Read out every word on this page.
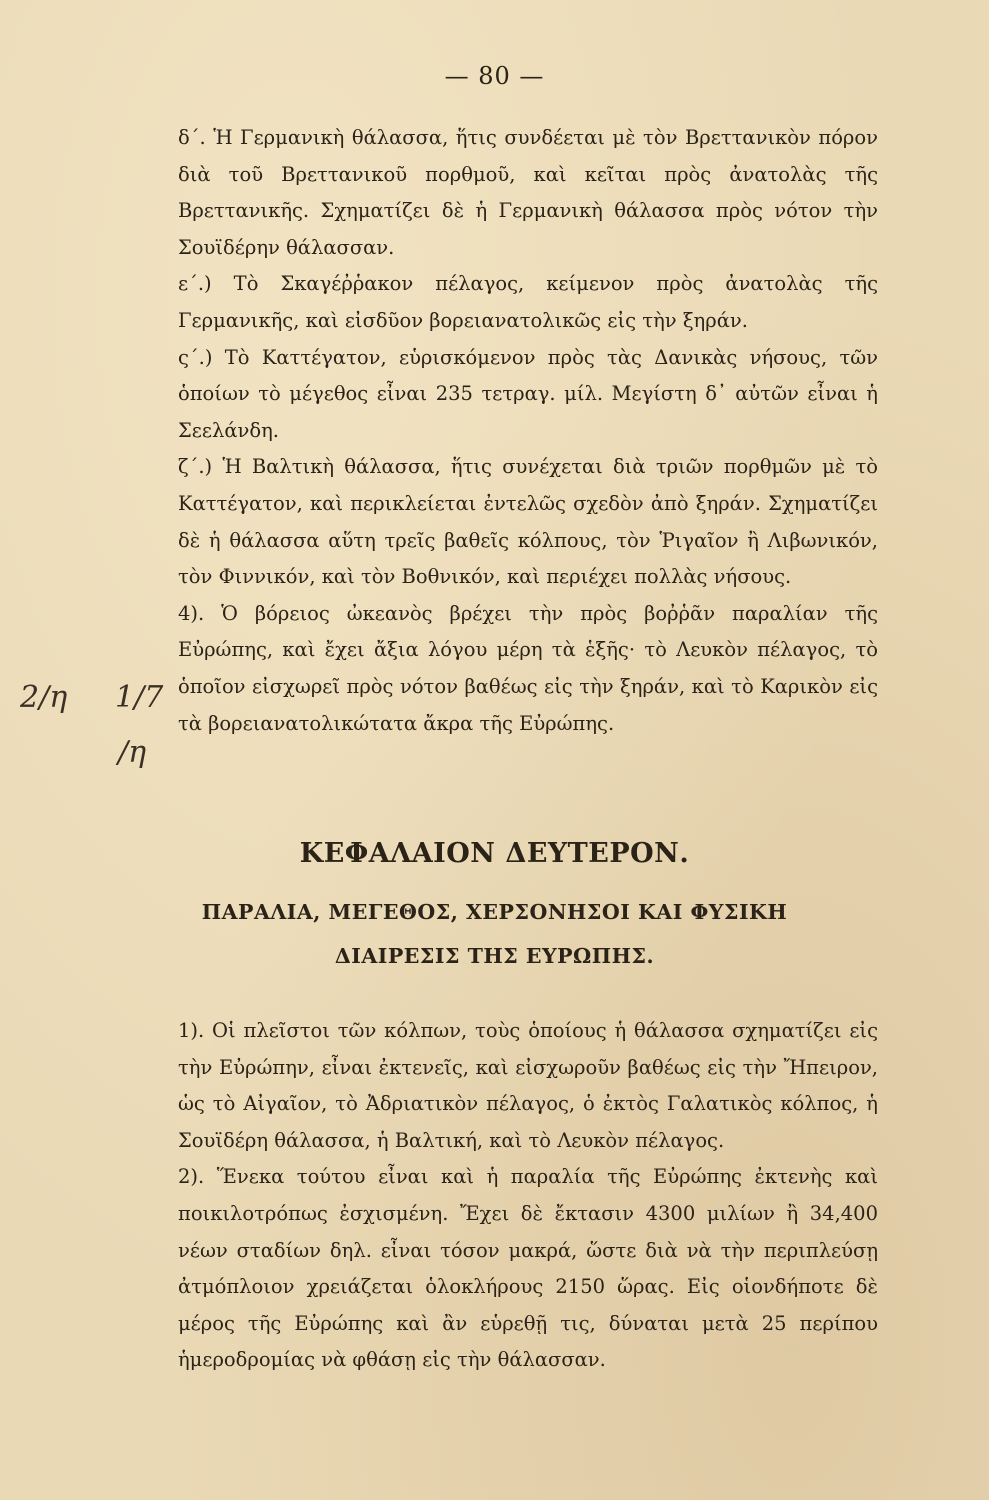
— 80 —

δ΄. Ἡ Γερμανικὴ θάλασσα, ἥτις συνδέεται μὲ τὸν Βρεττανικὸν πόρον διὰ τοῦ Βρεττανικοῦ πορθμοῦ, καὶ κεῖται πρὸς ἀνατολὰς τῆς Βρεττανικῆς. Σχηματίζει δὲ ἡ Γερμανικὴ θάλασσα πρὸς νότον τὴν Σουϊδέρην θάλασσαν.

ε΄.) Τὸ Σκαγέῤῥακον πέλαγος, κείμενον πρὸς ἀνατολὰς τῆς Γερμανικῆς, καὶ εἰσδῦον βορειανατολικῶς εἰς τὴν ξηράν.

ς΄.) Τὸ Καττέγατον, εὑρισκόμενον πρὸς τὰς Δανικὰς νήσους, τῶν ὁποίων τὸ μέγεθος εἶναι 235 τετραγ. μίλ. Μεγίστη δ᾽ αὐτῶν εἶναι ἡ Σεελάνδη.

ζ΄.) Ἡ Βαλτικὴ θάλασσα, ἥτις συνέχεται διὰ τριῶν πορθμῶν μὲ τὸ Καττέγατον, καὶ περικλείεται ἐντελῶς σχεδὸν ἀπὸ ξηράν. Σχηματίζει δὲ ἡ θάλασσα αὕτη τρεῖς βαθεῖς κόλπους, τὸν Ῥιγαῖον ἢ Λιβωνικόν, τὸν Φιννικόν, καὶ τὸν Βοθνικόν, καὶ περιέχει πολλὰς νήσους.

4). Ὁ βόρειος ὠκεανὸς βρέχει τὴν πρὸς βοῤῥᾶν παραλίαν τῆς Εὐρώπης, καὶ ἔχει ἄξια λόγου μέρη τὰ ἑξῆς· τὸ Λευκὸν πέλαγος, τὸ ὁποῖον εἰσχωρεῖ πρὸς νότον βαθέως εἰς τὴν ξηράν, καὶ τὸ Καρικὸν εἰς τὰ βορειανατολικώτατα ἄκρα τῆς Εὐρώπης.

ΚΕΦΑΛΑΙΟΝ ΔΕΥΤΕΡΟΝ.
ΠΑΡΑΛΙΑ, ΜΕΓΕΘΟΣ, ΧΕΡΣΟΝΗΣΟΙ ΚΑΙ ΦΥΣΙΚΗ
ΔΙΑΙΡΕΣΙΣ ΤΗΣ ΕΥΡΩΠΗΣ.

1). Οἱ πλεῖστοι τῶν κόλπων, τοὺς ὁποίους ἡ θάλασσα σχηματίζει εἰς τὴν Εὐρώπην, εἶναι ἐκτενεῖς, καὶ εἰσχωροῦν βαθέως εἰς τὴν Ἤπειρον, ὡς τὸ Αἰγαῖον, τὸ Ἀδριατικὸν πέλαγος, ὁ ἐκτὸς Γαλατικὸς κόλπος, ἡ Σουϊδέρη θάλασσα, ἡ Βαλτική, καὶ τὸ Λευκὸν πέλαγος.

2). Ἕνεκα τούτου εἶναι καὶ ἡ παραλία τῆς Εὐρώπης ἐκτενὴς καὶ ποικιλοτρόπως ἐσχισμένη. Ἔχει δὲ ἔκτασιν 4300 μιλίων ἢ 34,400 νέων σταδίων δηλ. εἶναι τόσον μακρά, ὥστε διὰ νὰ τὴν περιπλεύσῃ ἀτμόπλοιον χρειάζεται ὁλοκλήρους 2150 ὥρας. Εἰς οἱονδήποτε δὲ μέρος τῆς Εὐρώπης καὶ ἂν εὑρεθῇ τις, δύναται μετὰ 25 περίπου ἡμεροδρομίας νὰ φθάσῃ εἰς τὴν θάλασσαν.

2/η 1/7
/η
